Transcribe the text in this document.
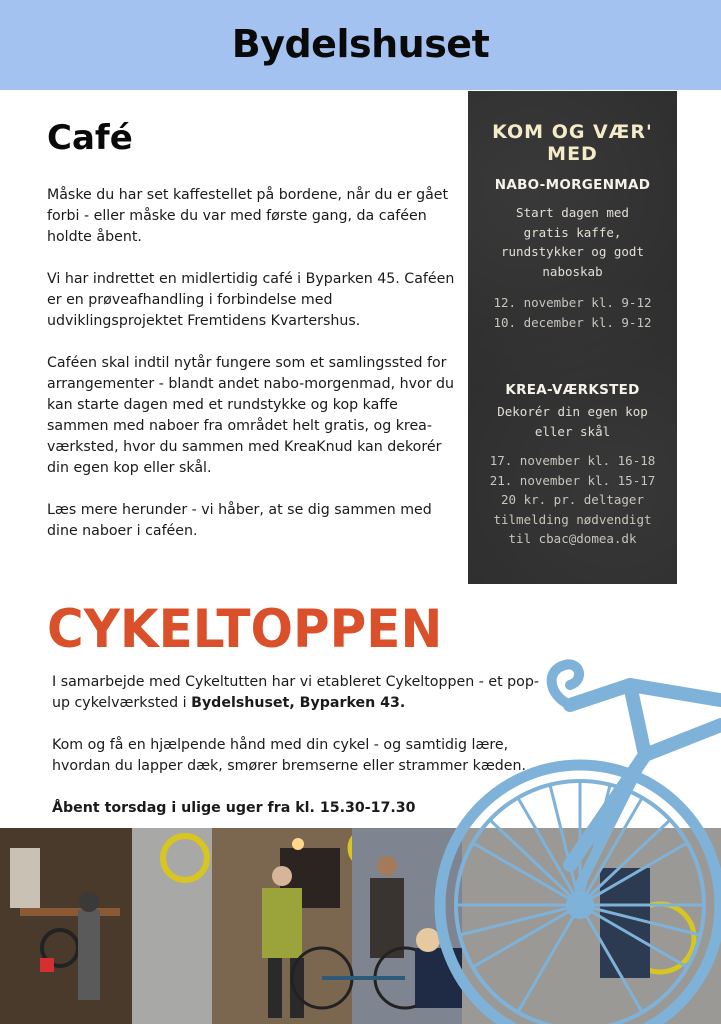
Bydelshuset
Café

Måske du har set kaffestellet på bordene, når du er gået forbi - eller måske du var med første gang, da caféen holdte åbent.

Vi har indrettet en midlertidig café i Byparken 45. Caféen er en prøveafhandling i forbindelse med udviklingsprojektet Fremtidens Kvartershus.

Caféen skal indtil nytår fungere som et samlingssted for arrangementer - blandt andet nabo-morgenmad, hvor du kan starte dagen med et rundstykke og kop kaffe sammen med naboer fra området helt gratis, og krea-værksted, hvor du sammen med KreaKnud kan dekorér din egen kop eller skål.

Læs mere herunder - vi håber, at se dig sammen med dine naboer i caféen.

KOM OG VÆR' MED
NABO-MORGENMAD
Start dagen med
gratis kaffe,
rundstykker og godt
naboskab
12. november kl. 9-12
10. december kl. 9-12
KREA-VÆRKSTED
Dekorér din egen kop
eller skål
17. november kl. 16-18
21. november kl. 15-17
20 kr. pr. deltager
tilmelding nødvendigt
til cbac@domea.dk
CYKELTOPPEN

I samarbejde med Cykeltutten har vi etableret Cykeltoppen - et pop-up cykelværksted i Bydelshuset, Byparken 43.

Kom og få en hjælpende hånd med din cykel - og samtidig lære, hvordan du lapper dæk, smører bremserne eller strammer kæden.

Åbent torsdag i ulige uger fra kl. 15.30-17.30
